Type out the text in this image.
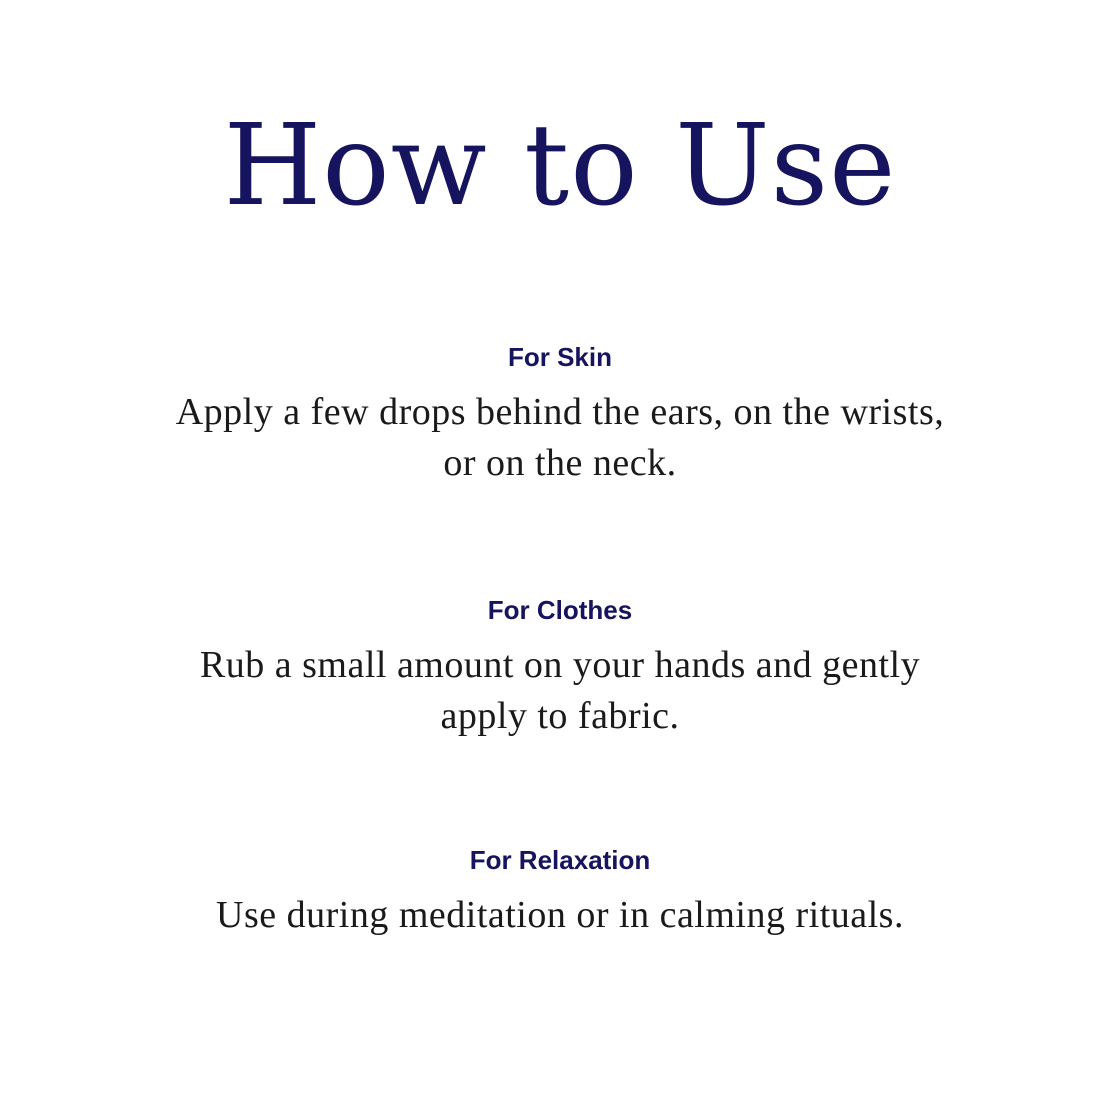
How to Use
For Skin
Apply a few drops behind the ears, on the wrists, or on the neck.
For Clothes
Rub a small amount on your hands and gently apply to fabric.
For Relaxation
Use during meditation or in calming rituals.
